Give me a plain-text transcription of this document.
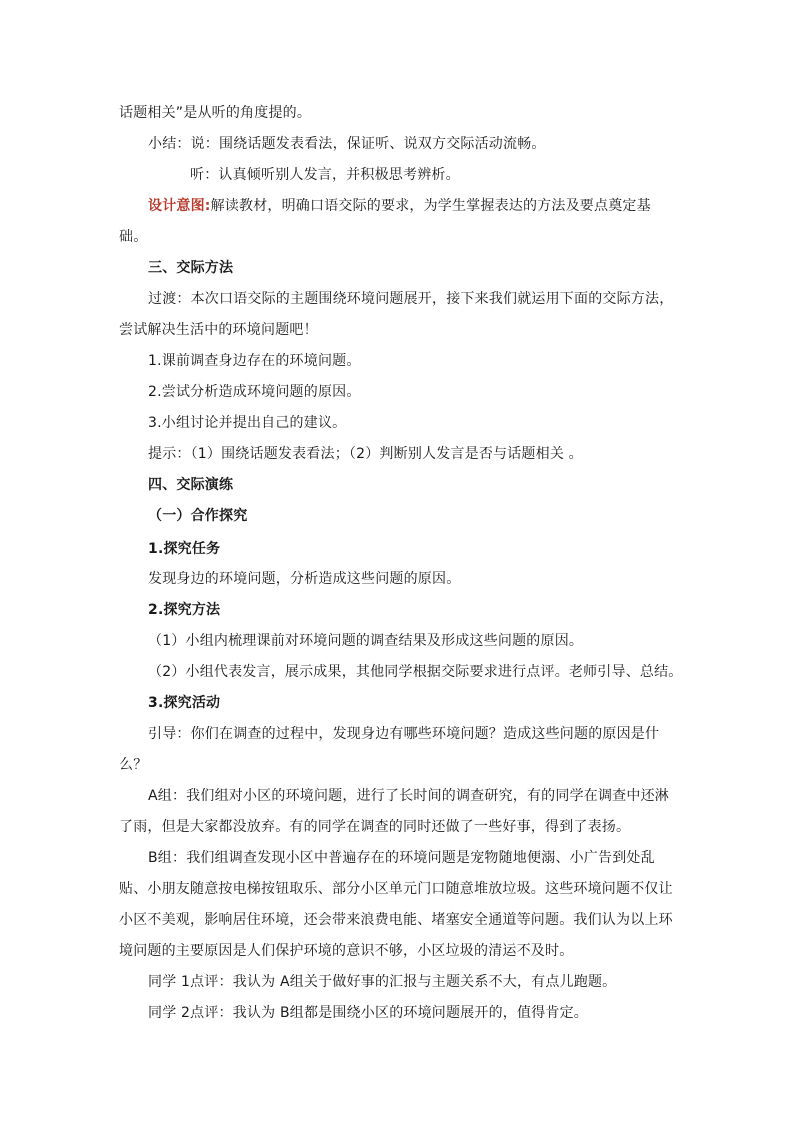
话题相关”是从听的角度提的。
小结：说：围绕话题发表看法，保证听、说双方交际活动流畅。
听：认真倾听别人发言，并积极思考辨析。
设计意图:解读教材，明确口语交际的要求，为学生掌握表达的方法及要点奠定基
础。
三、交际方法
过渡：本次口语交际的主题围绕环境问题展开，接下来我们就运用下面的交际方法，
尝试解决生活中的环境问题吧！
1.课前调查身边存在的环境问题。
2.尝试分析造成环境问题的原因。
3.小组讨论并提出自己的建议。
提示：（1）围绕话题发表看法；（2）判断别人发言是否与话题相关 。
四、交际演练
（一）合作探究
1.探究任务
发现身边的环境问题，分析造成这些问题的原因。
2.探究方法
（1）小组内梳理课前对环境问题的调查结果及形成这些问题的原因。
（2）小组代表发言，展示成果，其他同学根据交际要求进行点评。老师引导、总结。
3.探究活动
引导：你们在调查的过程中，发现身边有哪些环境问题？造成这些问题的原因是什
么？
A组：我们组对小区的环境问题，进行了长时间的调查研究，有的同学在调查中还淋
了雨，但是大家都没放弃。有的同学在调查的同时还做了一些好事，得到了表扬。
B组：我们组调查发现小区中普遍存在的环境问题是宠物随地便溺、小广告到处乱
贴、小朋友随意按电梯按钮取乐、部分小区单元门口随意堆放垃圾。这些环境问题不仅让
小区不美观，影响居住环境，还会带来浪费电能、堵塞安全通道等问题。我们认为以上环
境问题的主要原因是人们保护环境的意识不够，小区垃圾的清运不及时。
同学 1点评：我认为 A组关于做好事的汇报与主题关系不大，有点儿跑题。
同学 2点评：我认为 B组都是围绕小区的环境问题展开的，值得肯定。
